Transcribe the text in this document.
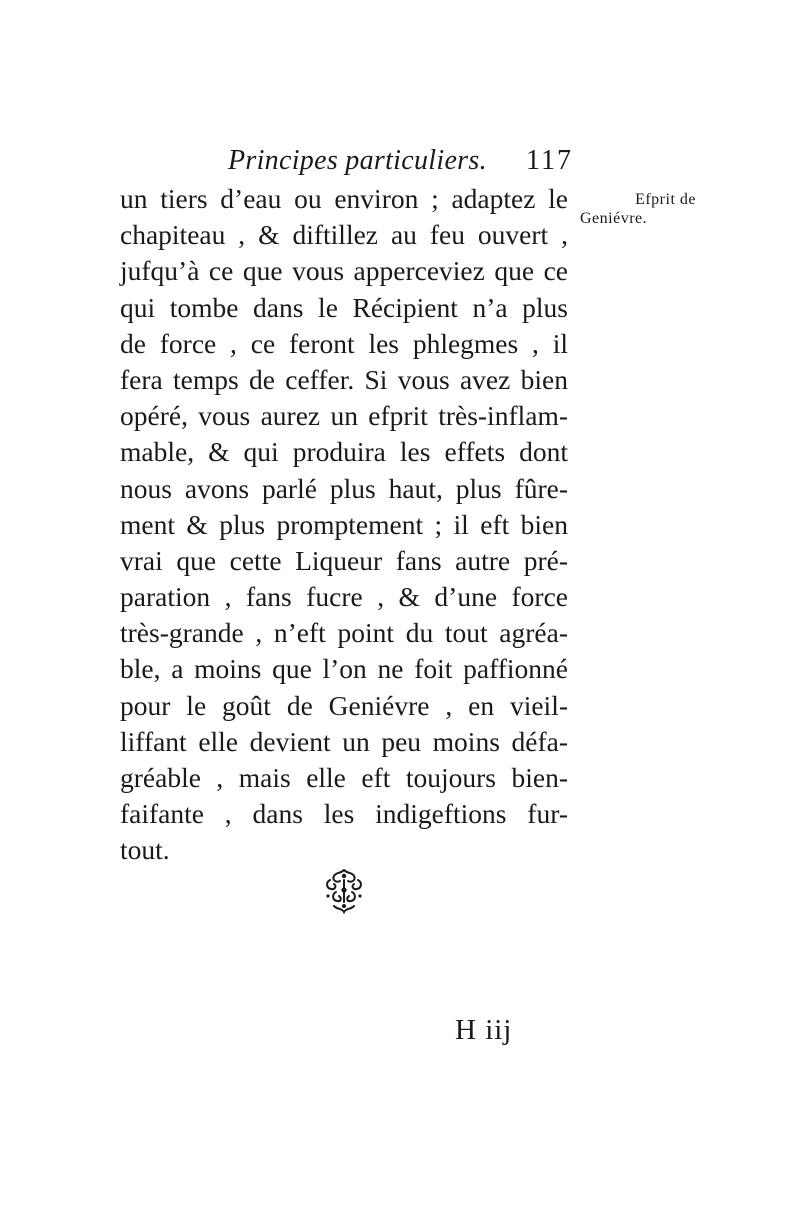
Principes particuliers. 117
Efprit de
Geniévre.
un tiers d’eau ou environ ; adaptez le
chapiteau , & diftillez au feu ouvert ,
jufqu’à ce que vous apperceviez que ce
qui tombe dans le Récipient n’a plus
de force , ce feront les phlegmes , il
fera temps de ceffer. Si vous avez bien
opéré, vous aurez un efprit très-inflam-
mable, & qui produira les effets dont
nous avons parlé plus haut, plus fûre-
ment & plus promptement ; il eft bien
vrai que cette Liqueur fans autre pré-
paration , fans fucre , & d’une force
très-grande , n’eft point du tout agréa-
ble, a moins que l’on ne foit paffionné
pour le goût de Geniévre , en vieil-
liffant elle devient un peu moins défa-
gréable , mais elle eft toujours bien-
faifante , dans les indigeftions fur-
tout.
H iij
